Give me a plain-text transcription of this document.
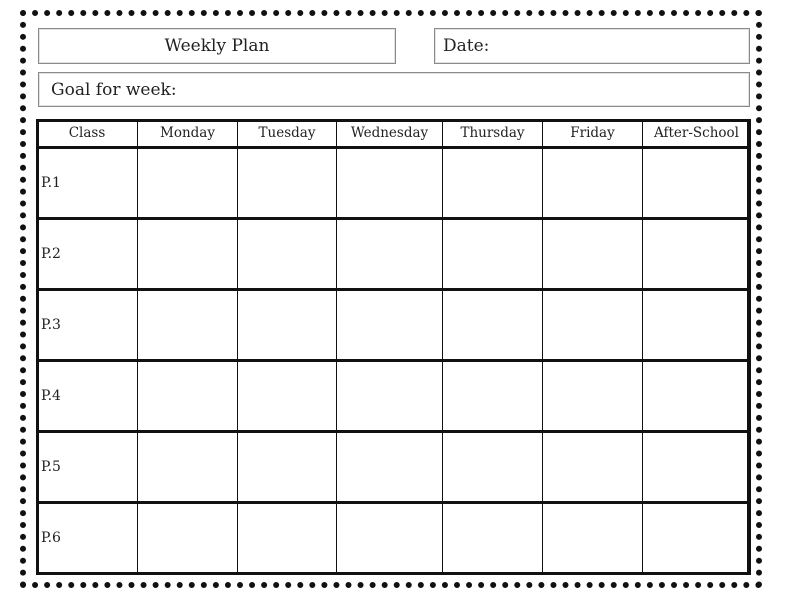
Weekly Plan	Date:
Goal for week:
Class	Monday	Tuesday	Wednesday	Thursday	Friday	After-School
P.1						
P.2						
P.3						
P.4						
P.5						
P.6						
